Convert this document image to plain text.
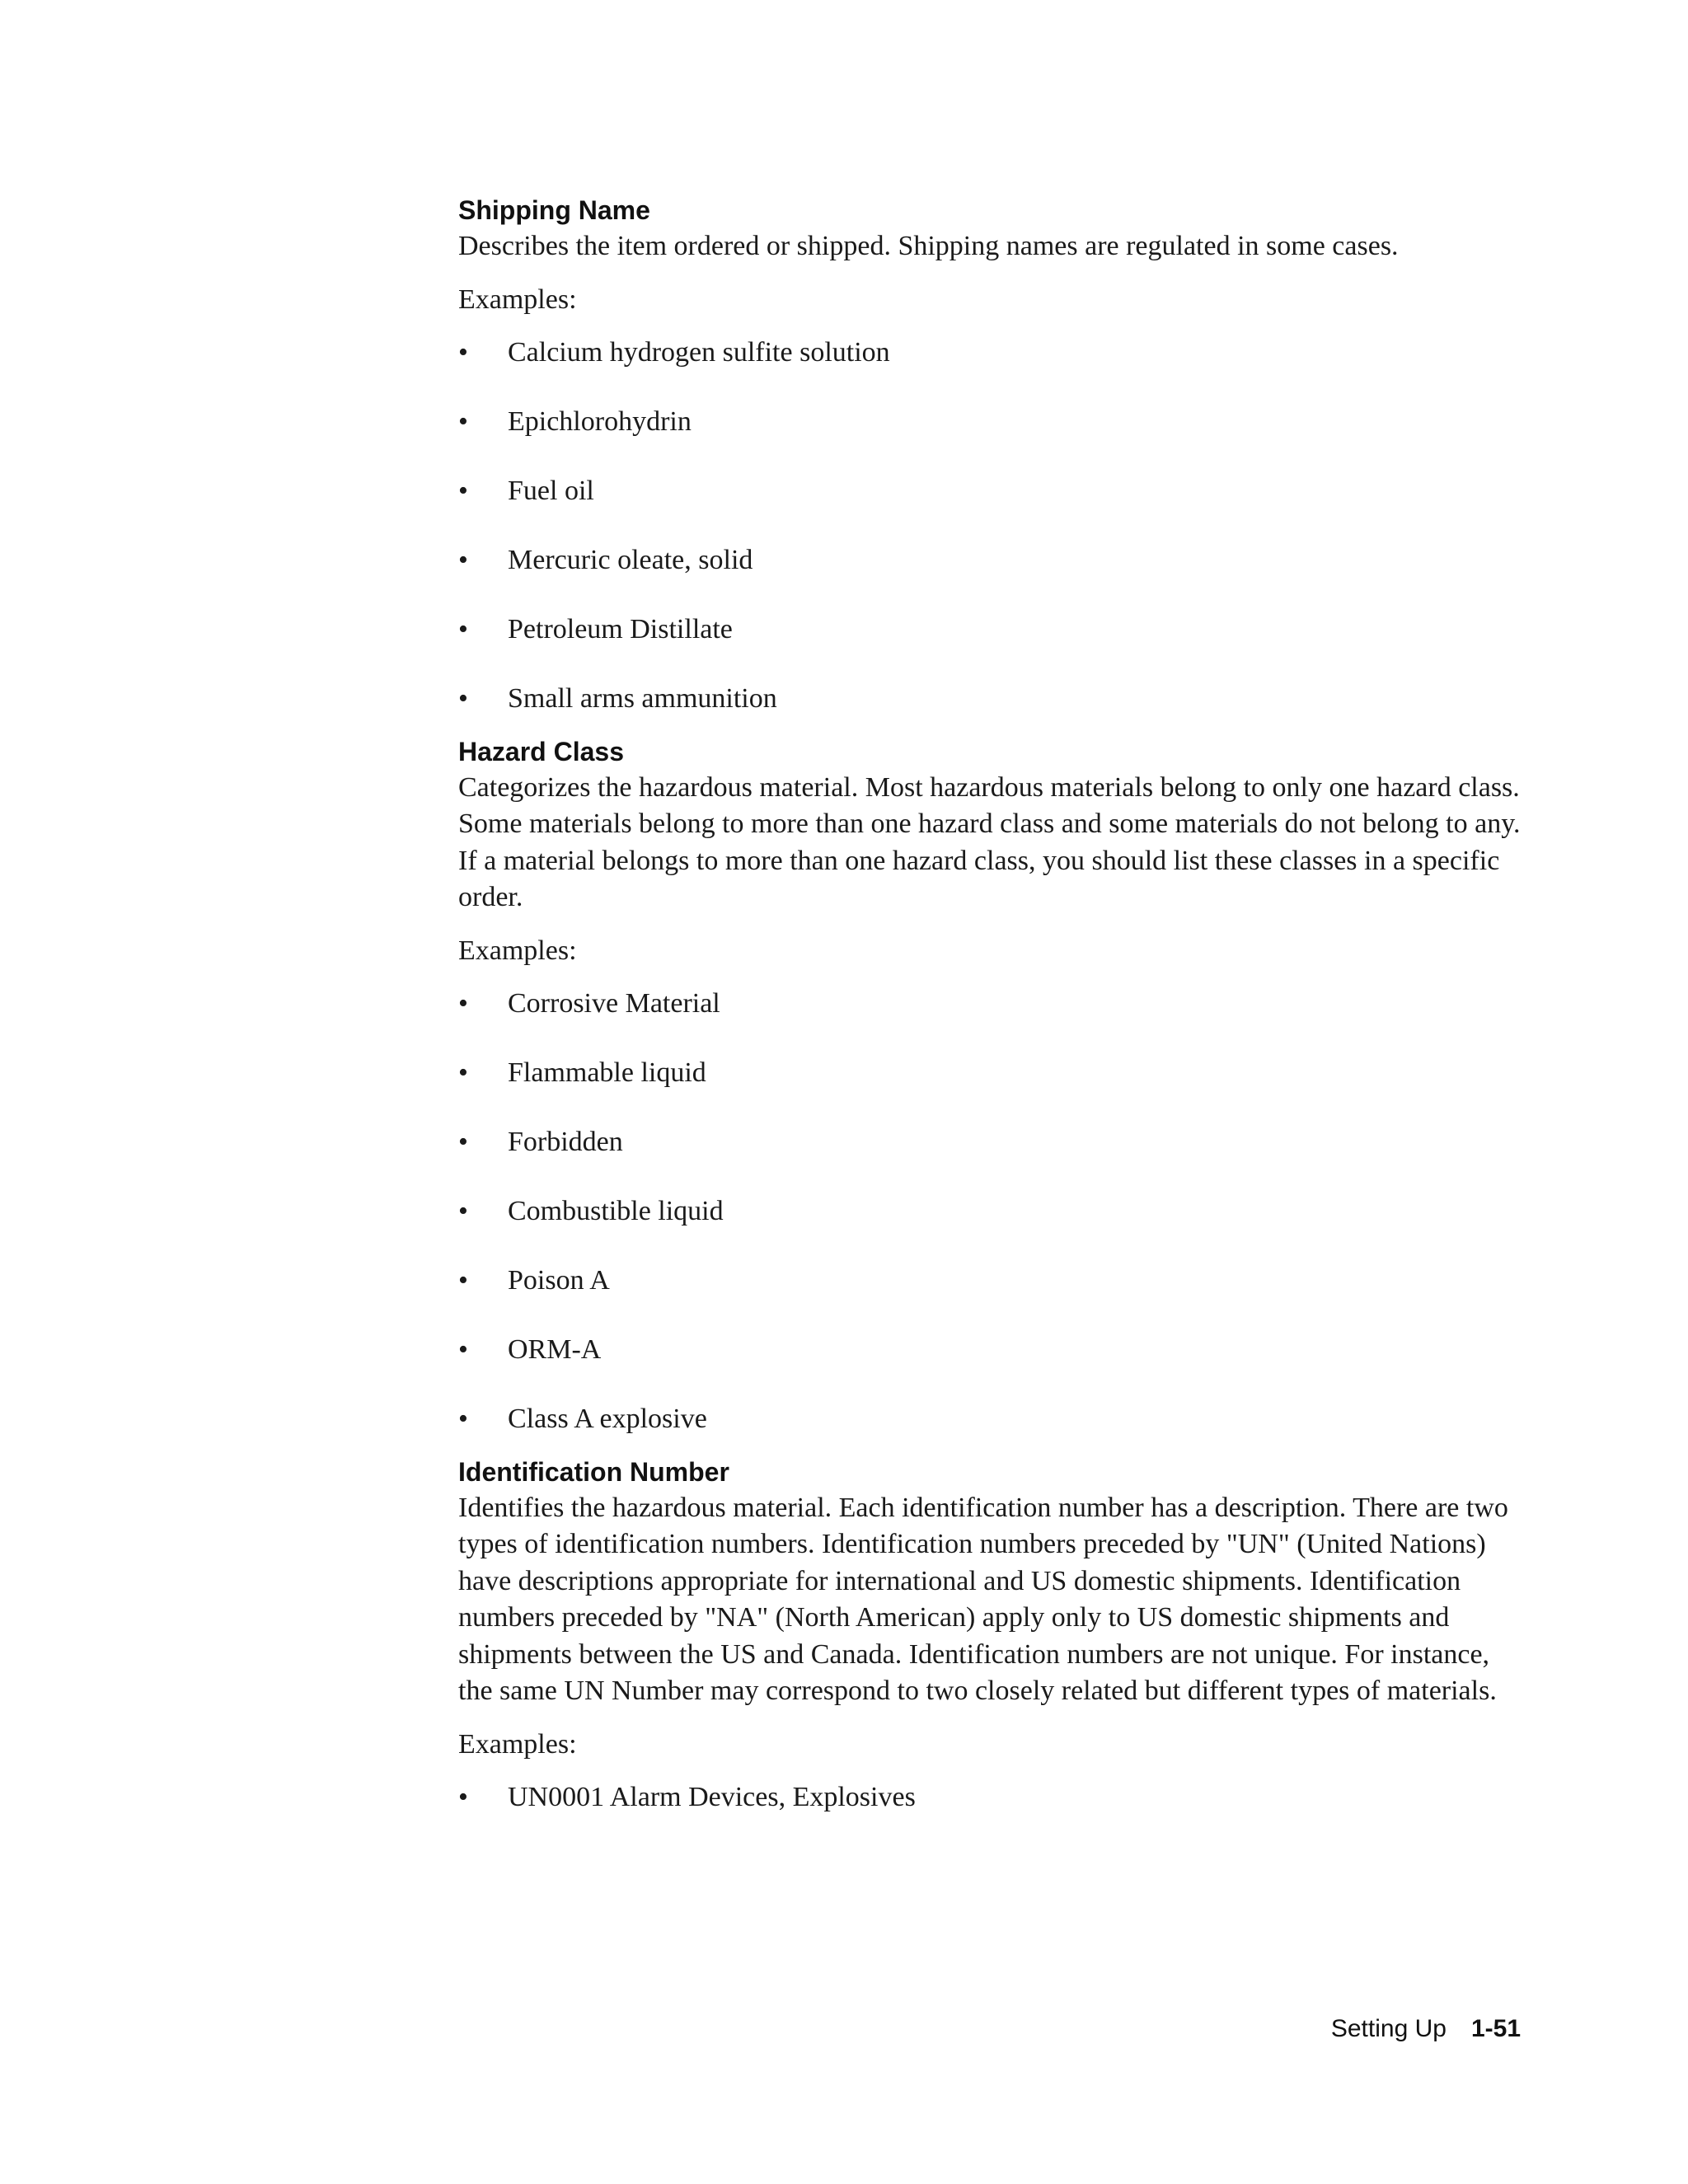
Shipping Name

Describes the item ordered or shipped. Shipping names are regulated in some cases.

Examples:

•	Calcium hydrogen sulfite solution
•	Epichlorohydrin
•	Fuel oil
•	Mercuric oleate, solid
•	Petroleum Distillate
•	Small arms ammunition
Hazard Class

Categorizes the hazardous material. Most hazardous materials belong to only one hazard class. Some materials belong to more than one hazard class and some materials do not belong to any. If a material belongs to more than one hazard class, you should list these classes in a specific order.

Examples:

•	Corrosive Material
•	Flammable liquid
•	Forbidden
•	Combustible liquid
•	Poison A
•	ORM-A
•	Class A explosive
Identification Number

Identifies the hazardous material. Each identification number has a description. There are two types of identification numbers. Identification numbers preceded by "UN" (United Nations) have descriptions appropriate for international and US domestic shipments. Identification numbers preceded by "NA" (North American) apply only to US domestic shipments and shipments between the US and Canada. Identification numbers are not unique. For instance, the same UN Number may correspond to two closely related but different types of materials.

Examples:

•	UN0001 Alarm Devices, Explosives
Setting Up 1-51
